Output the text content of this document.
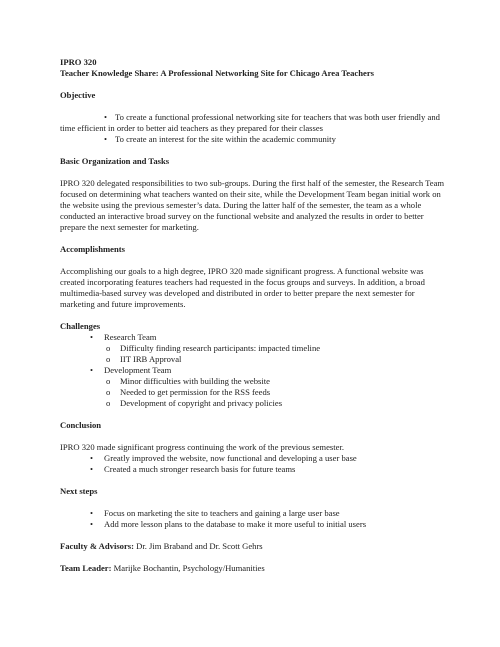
IPRO 320

Teacher Knowledge Share: A Professional Networking Site for Chicago Area Teachers

Objective

• To create a functional professional networking site for teachers that was both user friendly and time efficient in order to better aid teachers as they prepared for their classes
• To create an interest for the site within the academic community

Basic Organization and Tasks

IPRO 320 delegated responsibilities to two sub-groups. During the first half of the semester, the Research Team focused on determining what teachers wanted on their site, while the Development Team began initial work on the website using the previous semester’s data. During the latter half of the semester, the team as a whole conducted an interactive broad survey on the functional website and analyzed the results in order to better prepare the next semester for marketing.

Accomplishments

Accomplishing our goals to a high degree, IPRO 320 made significant progress. A functional website was created incorporating features teachers had requested in the focus groups and surveys. In addition, a broad multimedia-based survey was developed and distributed in order to better prepare the next semester for marketing and future improvements.

Challenges

•	Research Team
o	Difficulty finding research participants: impacted timeline
o	IIT IRB Approval
•	Development Team
o	Minor difficulties with building the website
o	Needed to get permission for the RSS feeds
o	Development of copyright and privacy policies

Conclusion

IPRO 320 made significant progress continuing the work of the previous semester.

•	Greatly improved the website, now functional and developing a user base
•	Created a much stronger research basis for future teams

Next steps

•	Focus on marketing the site to teachers and gaining a large user base
•	Add more lesson plans to the database to make it more useful to initial users

Faculty & Advisors: Dr. Jim Braband and Dr. Scott Gehrs

Team Leader: Marijke Bochantin, Psychology/Humanities
